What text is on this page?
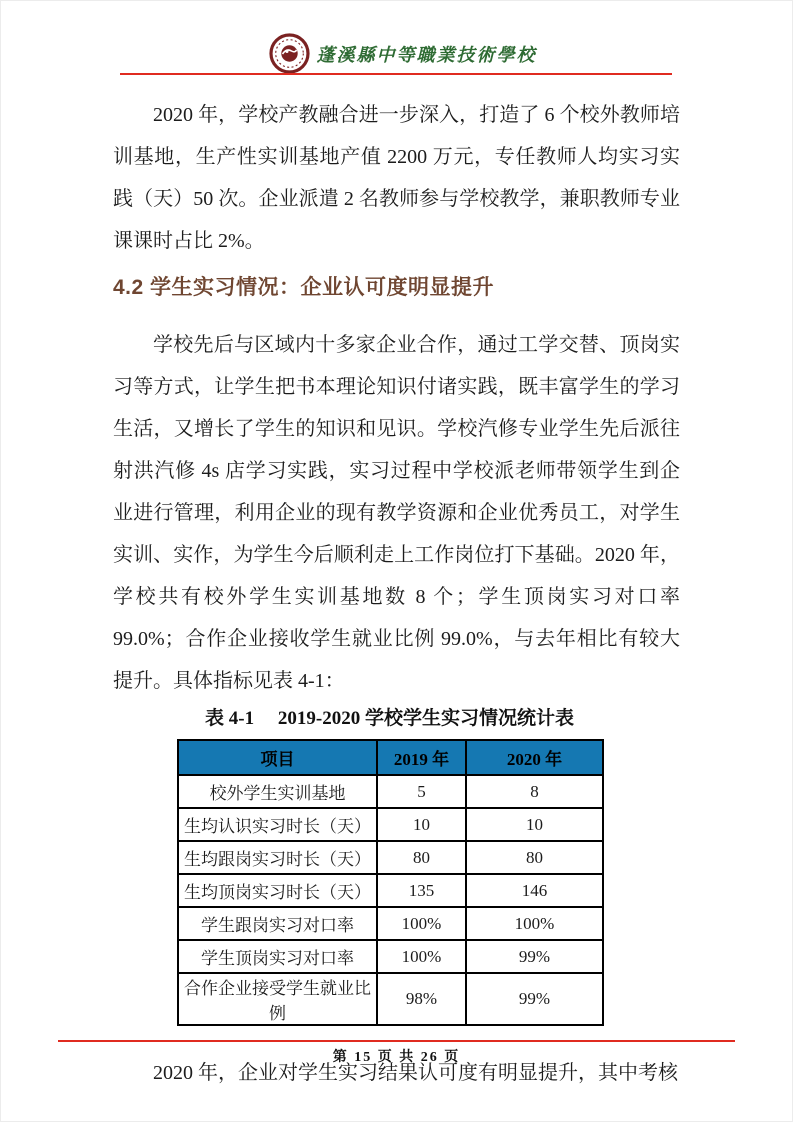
蓬溪縣中等職業技術學校

2020 年，学校产教融合进一步深入，打造了 6 个校外教师培训基地，生产性实训基地产值 2200 万元，专任教师人均实习实践（天）50 次。企业派遣 2 名教师参与学校教学，兼职教师专业课课时占比 2%。

4.2 学生实习情况：企业认可度明显提升

学校先后与区域内十多家企业合作，通过工学交替、顶岗实习等方式，让学生把书本理论知识付诸实践，既丰富学生的学习生活，又增长了学生的知识和见识。学校汽修专业学生先后派往射洪汽修 4s 店学习实践，实习过程中学校派老师带领学生到企业进行管理，利用企业的现有教学资源和企业优秀员工，对学生实训、实作，为学生今后顺利走上工作岗位打下基础。2020 年，学校共有校外学生实训基地数 8 个；学生顶岗实习对口率 99.0%；合作企业接收学生就业比例 99.0%，与去年相比有较大提升。具体指标见表 4-1：

表 4-1　 2019-2020 学校学生实习情况统计表
项目	2019 年	2020 年
校外学生实训基地	5	8
生均认识实习时长（天）	10	10
生均跟岗实习时长（天）	80	80
生均顶岗实习时长（天）	135	146
学生跟岗实习对口率	100%	100%
学生顶岗实习对口率	100%	99%
合作企业接受学生就业比例	98%	99%

2020 年，企业对学生实习结果认可度有明显提升，其中考核

第 15 页 共 26 页
